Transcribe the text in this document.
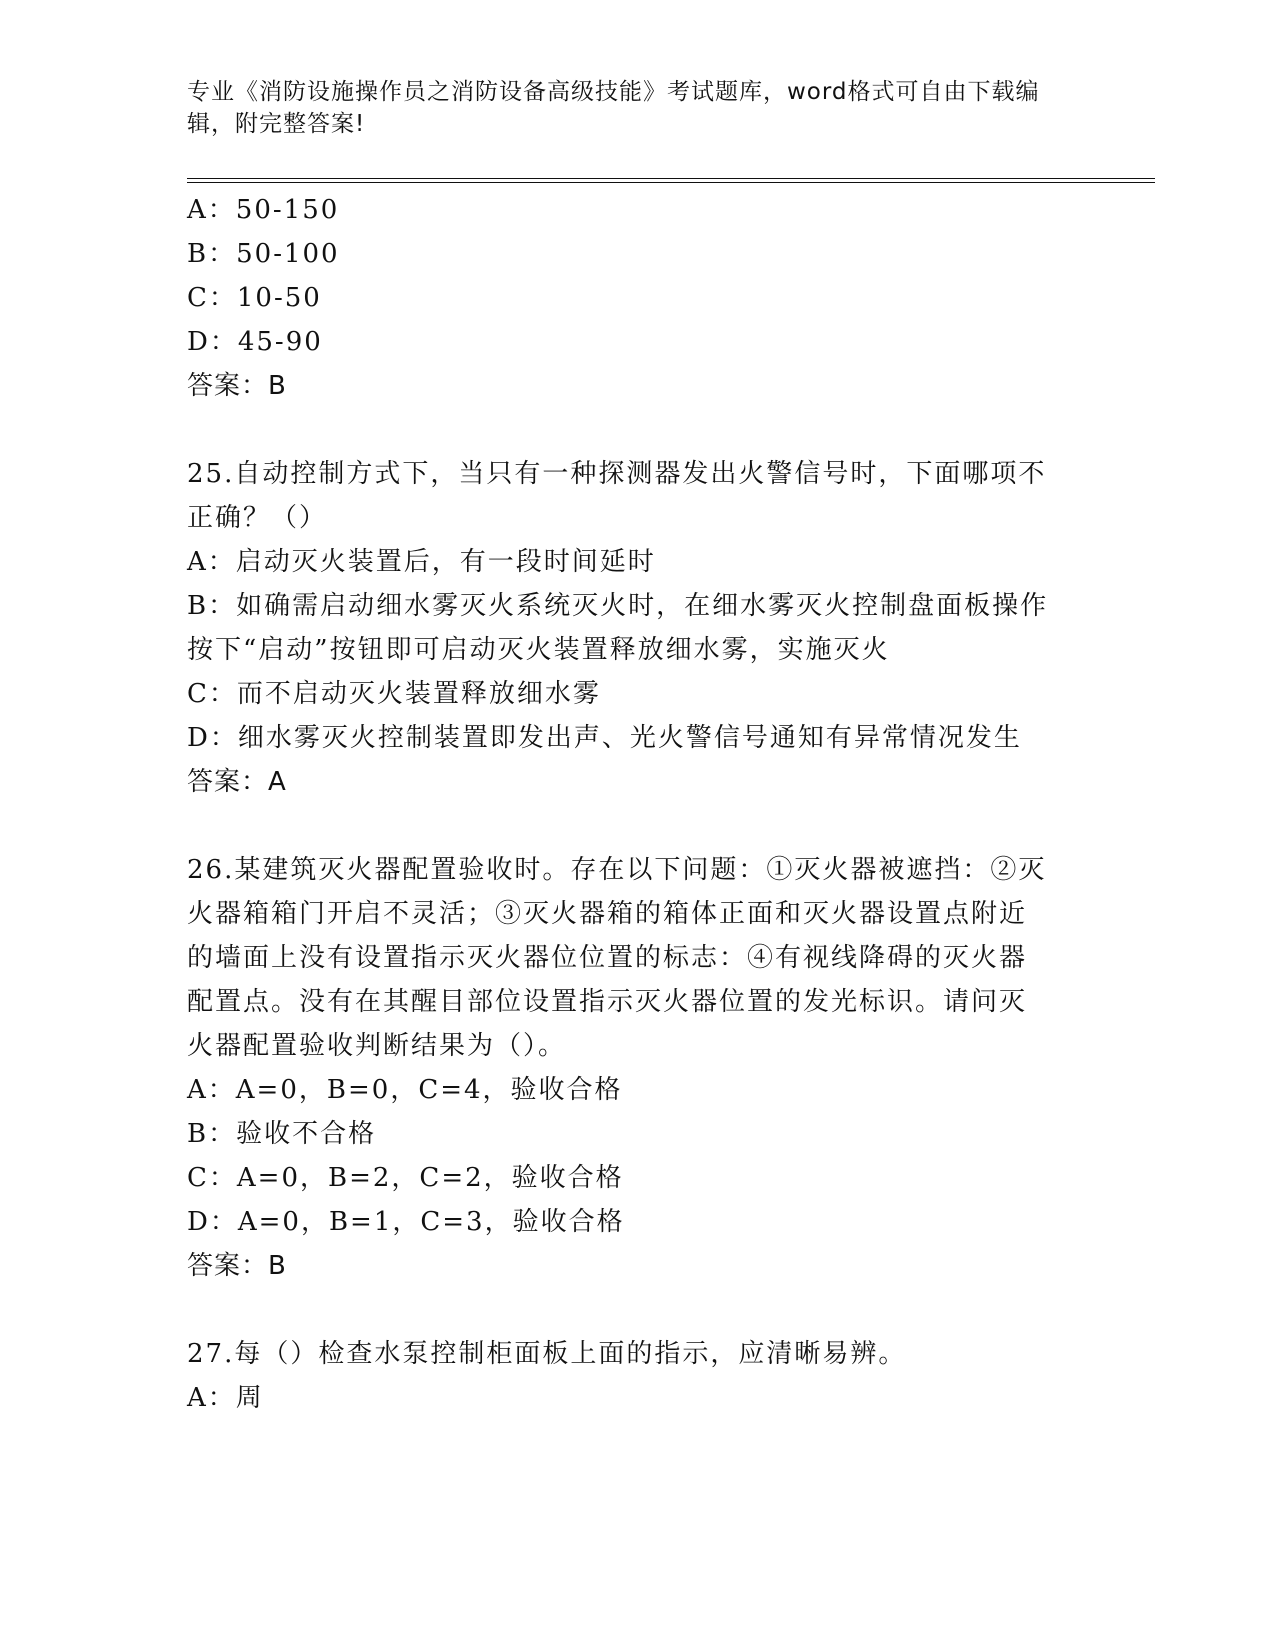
专业《消防设施操作员之消防设备高级技能》考试题库，word格式可自由下载编
辑，附完整答案!
A：50-150
B：50-100
C：10-50
D：45-90
答案：B
25.自动控制方式下，当只有一种探测器发出火警信号时，下面哪项不
正确？（）
A：启动灭火装置后，有一段时间延时
B：如确需启动细水雾灭火系统灭火时，在细水雾灭火控制盘面板操作
按下“启动”按钮即可启动灭火装置释放细水雾，实施灭火
C：而不启动灭火装置释放细水雾
D：细水雾灭火控制装置即发出声、光火警信号通知有异常情况发生
答案：A
26.某建筑灭火器配置验收时。存在以下问题：①灭火器被遮挡：②灭
火器箱箱门开启不灵活；③灭火器箱的箱体正面和灭火器设置点附近
的墙面上没有设置指示灭火器位位置的标志：④有视线降碍的灭火器
配置点。没有在其醒目部位设置指示灭火器位置的发光标识。请问灭
火器配置验收判断结果为（）。
A：A=0，B=0，C=4，验收合格
B：验收不合格
C：A=0，B=2，C=2，验收合格
D：A=0，B=1，C=3，验收合格
答案：B
27.每（）检查水泵控制柜面板上面的指示，应清晰易辨。
A：周
